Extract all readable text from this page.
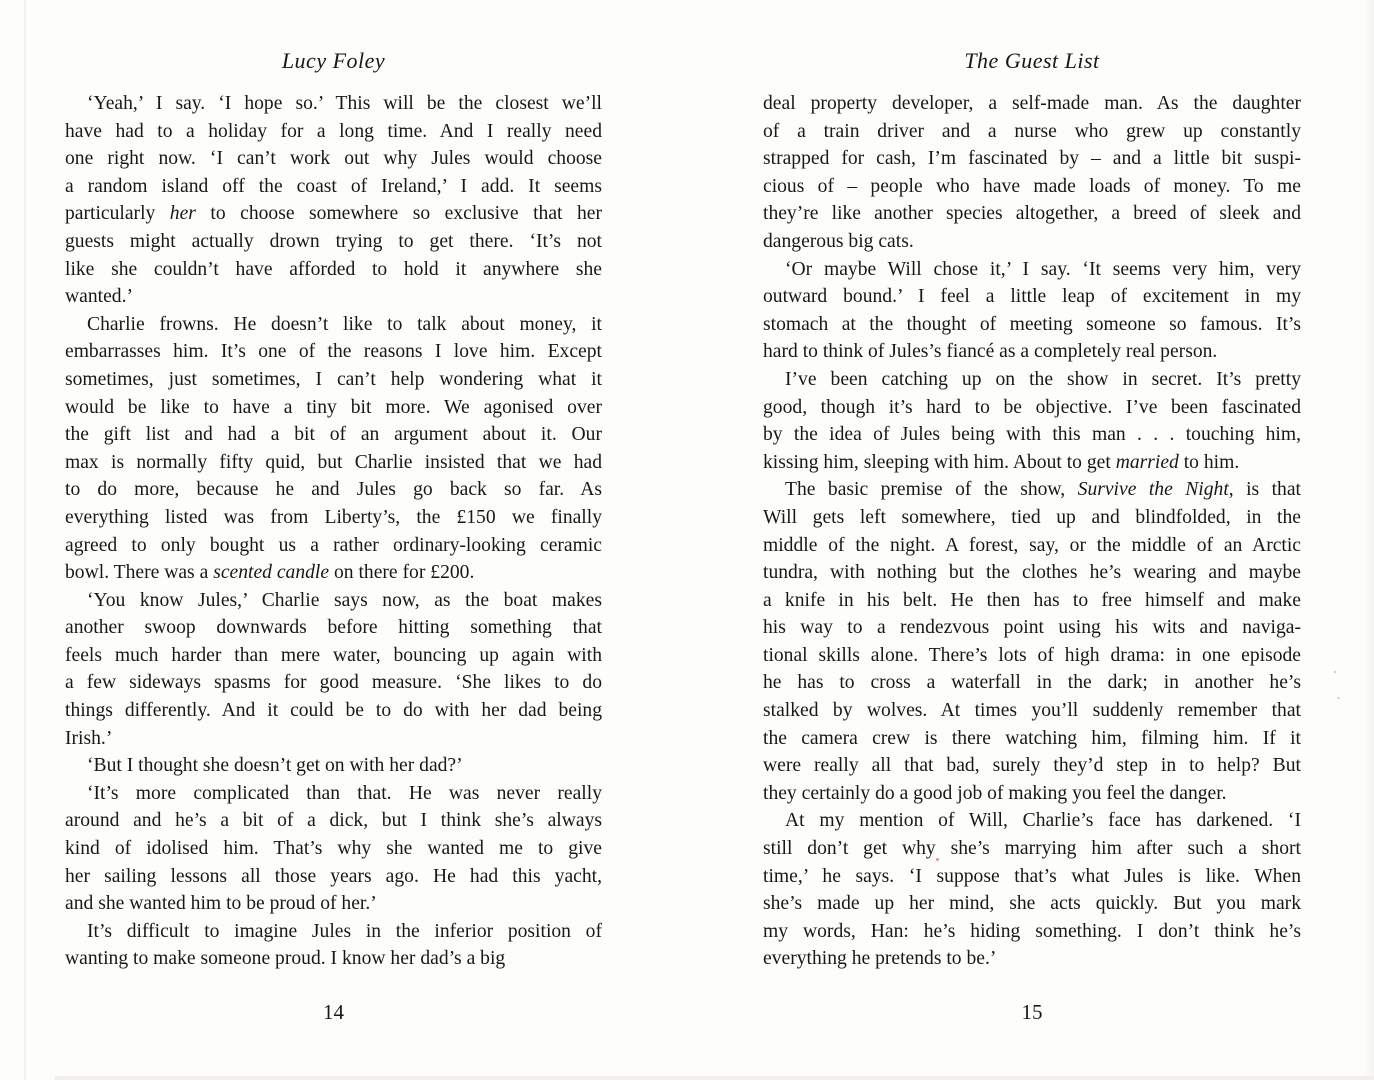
Lucy Foley
‘Yeah,’ I say. ‘I hope so.’ This will be the closest we’ll
have had to a holiday for a long time. And I really need
one right now. ‘I can’t work out why Jules would choose
a random island off the coast of Ireland,’ I add. It seems
particularly her to choose somewhere so exclusive that her
guests might actually drown trying to get there. ‘It’s not
like she couldn’t have afforded to hold it anywhere she
wanted.’
Charlie frowns. He doesn’t like to talk about money, it
embarrasses him. It’s one of the reasons I love him. Except
sometimes, just sometimes, I can’t help wondering what it
would be like to have a tiny bit more. We agonised over
the gift list and had a bit of an argument about it. Our
max is normally fifty quid, but Charlie insisted that we had
to do more, because he and Jules go back so far. As
everything listed was from Liberty’s, the £150 we finally
agreed to only bought us a rather ordinary-looking ceramic
bowl. There was a scented candle on there for £200.
‘You know Jules,’ Charlie says now, as the boat makes
another swoop downwards before hitting something that
feels much harder than mere water, bouncing up again with
a few sideways spasms for good measure. ‘She likes to do
things differently. And it could be to do with her dad being
Irish.’
‘But I thought she doesn’t get on with her dad?’
‘It’s more complicated than that. He was never really
around and he’s a bit of a dick, but I think she’s always
kind of idolised him. That’s why she wanted me to give
her sailing lessons all those years ago. He had this yacht,
and she wanted him to be proud of her.’
It’s difficult to imagine Jules in the inferior position of
wanting to make someone proud. I know her dad’s a big
14
The Guest List
deal property developer, a self-made man. As the daughter
of a train driver and a nurse who grew up constantly
strapped for cash, I’m fascinated by – and a little bit suspi-
cious of – people who have made loads of money. To me
they’re like another species altogether, a breed of sleek and
dangerous big cats.
‘Or maybe Will chose it,’ I say. ‘It seems very him, very
outward bound.’ I feel a little leap of excitement in my
stomach at the thought of meeting someone so famous. It’s
hard to think of Jules’s fiancé as a completely real person.
I’ve been catching up on the show in secret. It’s pretty
good, though it’s hard to be objective. I’ve been fascinated
by the idea of Jules being with this man . . . touching him,
kissing him, sleeping with him. About to get married to him.
The basic premise of the show, Survive the Night, is that
Will gets left somewhere, tied up and blindfolded, in the
middle of the night. A forest, say, or the middle of an Arctic
tundra, with nothing but the clothes he’s wearing and maybe
a knife in his belt. He then has to free himself and make
his way to a rendezvous point using his wits and naviga-
tional skills alone. There’s lots of high drama: in one episode
he has to cross a waterfall in the dark; in another he’s
stalked by wolves. At times you’ll suddenly remember that
the camera crew is there watching him, filming him. If it
were really all that bad, surely they’d step in to help? But
they certainly do a good job of making you feel the danger.
At my mention of Will, Charlie’s face has darkened. ‘I
still don’t get why she’s marrying him after such a short
time,’ he says. ‘I suppose that’s what Jules is like. When
she’s made up her mind, she acts quickly. But you mark
my words, Han: he’s hiding something. I don’t think he’s
everything he pretends to be.’
15
